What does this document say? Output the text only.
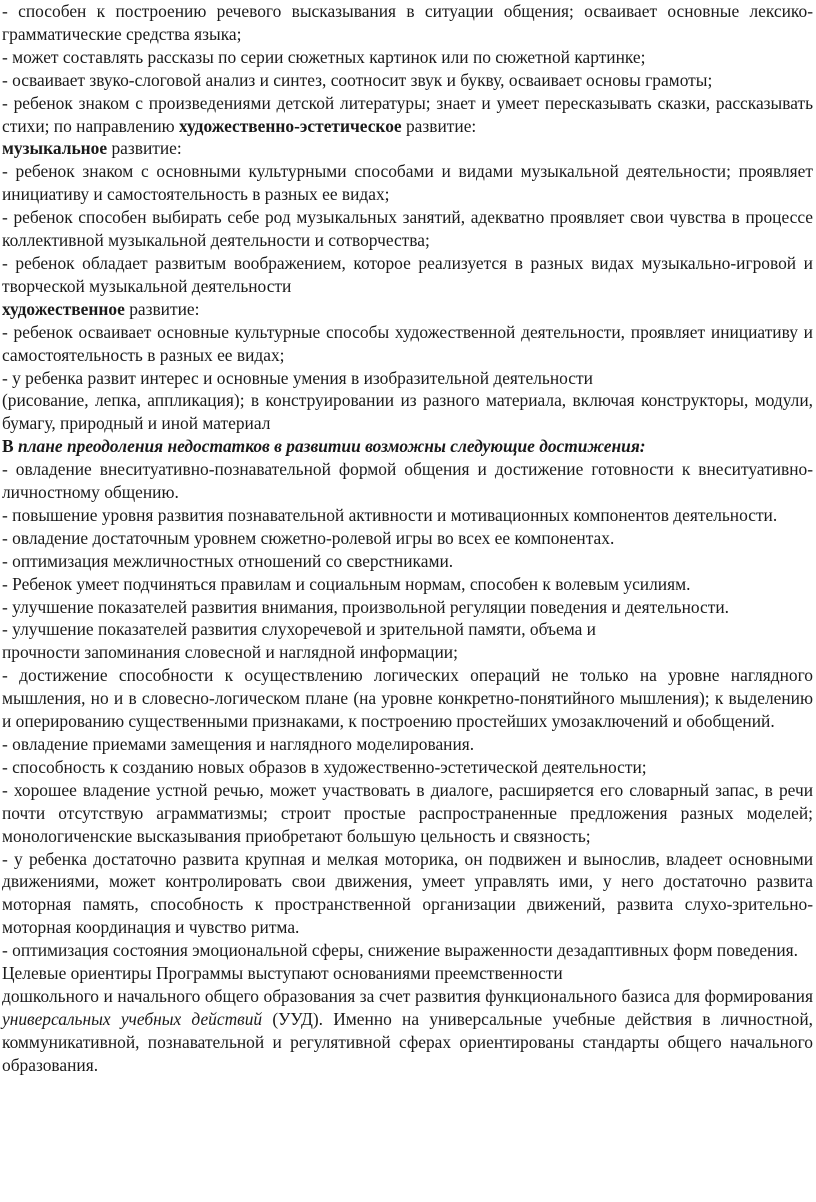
- способен к построению речевого высказывания в ситуации общения; осваивает основные лексико-грамматические средства языка;

- может составлять рассказы по серии сюжетных картинок или по сюжетной картинке;

- осваивает звуко-слоговой анализ и синтез, соотносит звук и букву, осваивает основы грамоты;

- ребенок знаком с произведениями детской литературы; знает и умеет пересказывать сказки, рассказывать стихи; по направлению художественно-эстетическое развитие:

музыкальное развитие:

- ребенок знаком с основными культурными способами и видами музыкальной деятельности; проявляет инициативу и самостоятельность в разных ее видах;

- ребенок способен выбирать себе род музыкальных занятий, адекватно проявляет свои чувства в процессе коллективной музыкальной деятельности и сотворчества;

- ребенок обладает развитым воображением, которое реализуется в разных видах музыкально-игровой и творческой музыкальной деятельности

художественное развитие:

- ребенок осваивает основные культурные способы художественной деятельности, проявляет инициативу и самостоятельность в разных ее видах;

- у ребенка развит интерес и основные умения в изобразительной деятельности

(рисование, лепка, аппликация); в конструировании из разного материала, включая конструкторы, модули, бумагу, природный и иной материал

В плане преодоления недостатков в развитии возможны следующие достижения:

- овладение внеситуативно-познавательной формой общения и достижение готовности к внеситуативно-личностному общению.

- повышение уровня развития познавательной активности и мотивационных компонентов деятельности.

- овладение достаточным уровнем сюжетно-ролевой игры во всех ее компонентах.

- оптимизация межличностных отношений со сверстниками.

- Ребенок умеет подчиняться правилам и социальным нормам, способен к волевым усилиям.

- улучшение показателей развития внимания, произвольной регуляции поведения и деятельности.

- улучшение показателей развития слухоречевой и зрительной памяти, объема и

прочности запоминания словесной и наглядной информации;

- достижение способности к осуществлению логических операций не только на уровне наглядного мышления, но и в словесно-логическом плане (на уровне конкретно-понятийного мышления); к выделению и оперированию существенными признаками, к построению простейших умозаключений и обобщений.

- овладение приемами замещения и наглядного моделирования.

- способность к созданию новых образов в художественно-эстетической деятельности;

- хорошее владение устной речью, может участвовать в диалоге, расширяется его словарный запас, в речи почти отсутствую аграмматизмы; строит простые распространенные предложения разных моделей; монологиченские высказывания приобретают большую цельность и связность;

- у ребенка достаточно развита крупная и мелкая моторика, он подвижен и вынослив, владеет основными движениями, может контролировать свои движения, умеет управлять ими, у него достаточно развита моторная память, способность к пространственной организации движений, развита слухо-зрительно-моторная координация и чувство ритма.

- оптимизация состояния эмоциональной сферы, снижение выраженности дезадаптивных форм поведения.

Целевые ориентиры Программы выступают основаниями преемственности

дошкольного и начального общего образования за счет развития функционального базиса для формирования универсальных учебных действий (УУД). Именно на универсальные учебные действия в личностной, коммуникативной, познавательной и регулятивной сферах ориентированы стандарты общего начального образования.
